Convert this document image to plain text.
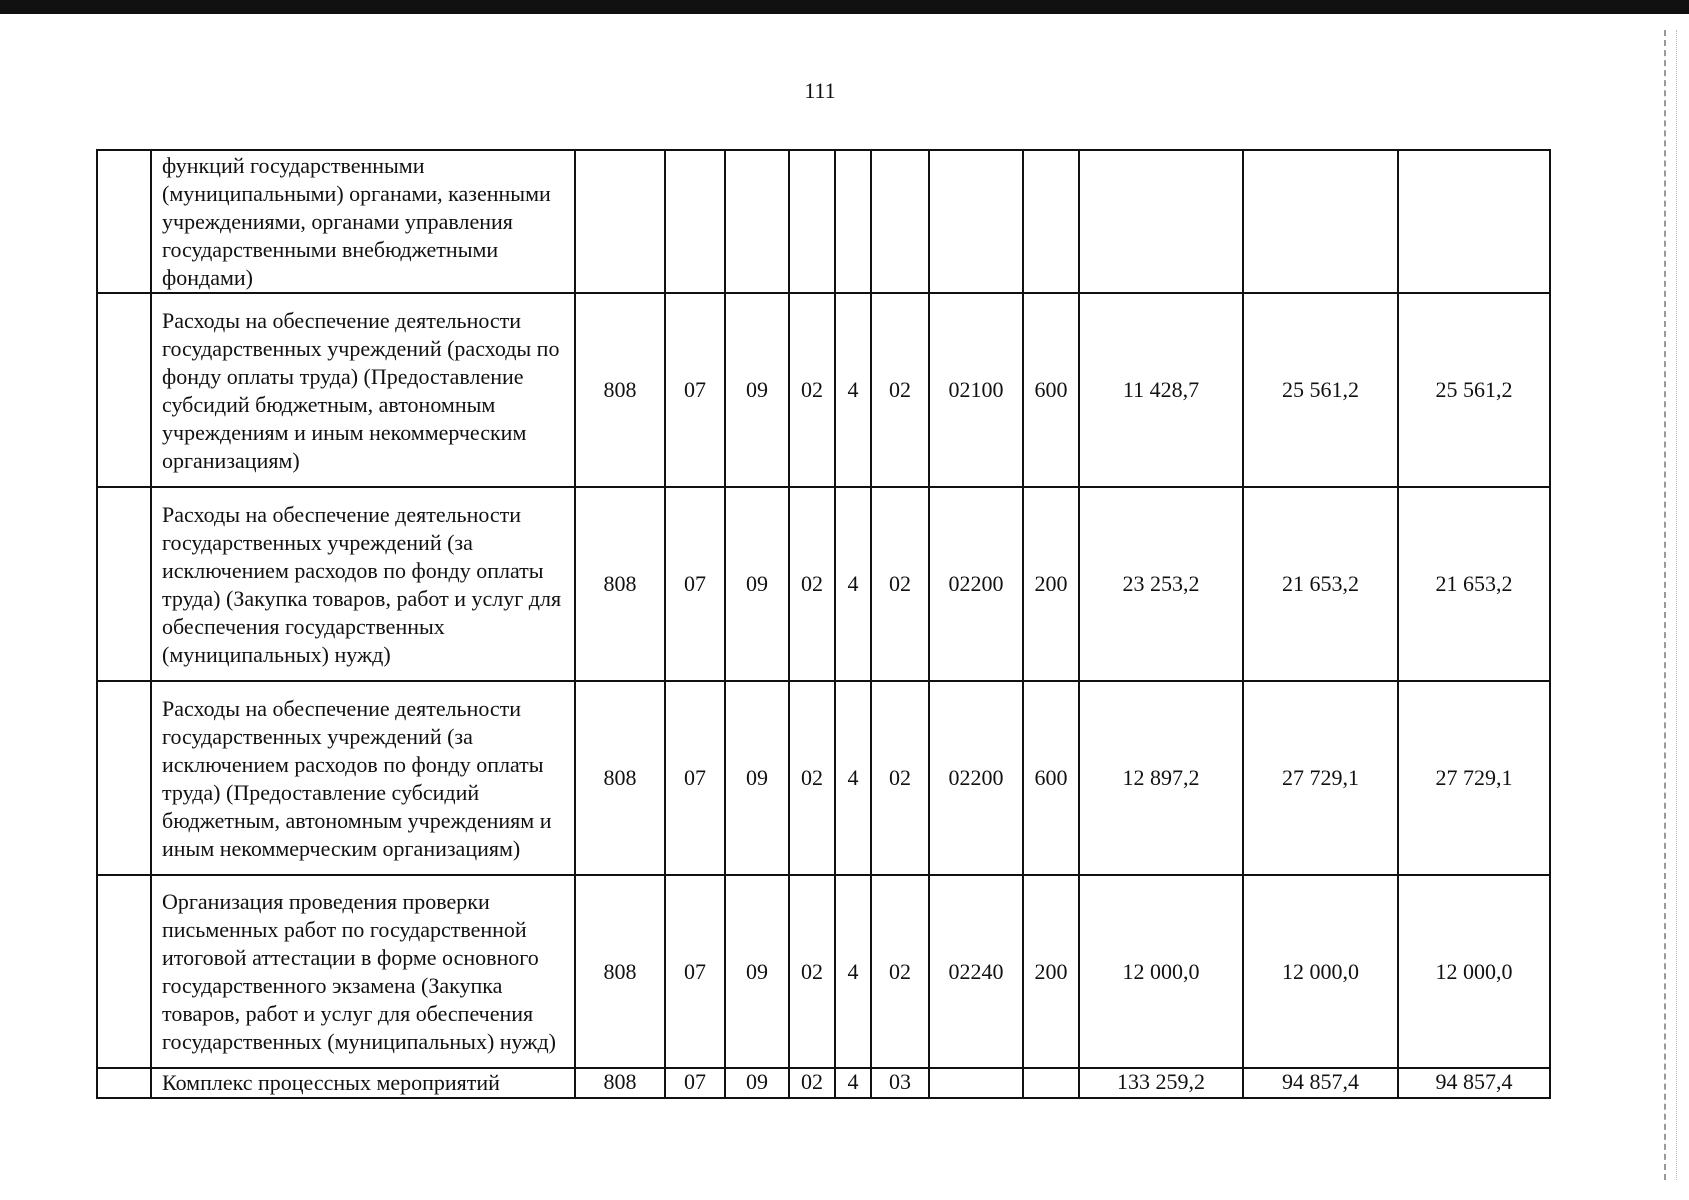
111
	функций государственными (муниципальными) органами, казенными учреждениями, органами управления государственными внебюджетными фондами)											
	Расходы на обеспечение деятельности государственных учреждений (расходы по фонду оплаты труда) (Предоставление субсидий бюджетным, автономным учреждениям и иным некоммерческим организациям)	808	07	09	02	4	02	02100	600	11 428,7	25 561,2	25 561,2
	Расходы на обеспечение деятельности государственных учреждений (за исключением расходов по фонду оплаты труда) (Закупка товаров, работ и услуг для обеспечения государственных (муниципальных) нужд)	808	07	09	02	4	02	02200	200	23 253,2	21 653,2	21 653,2
	Расходы на обеспечение деятельности государственных учреждений (за исключением расходов по фонду оплаты труда) (Предоставление субсидий бюджетным, автономным учреждениям и иным некоммерческим организациям)	808	07	09	02	4	02	02200	600	12 897,2	27 729,1	27 729,1
	Организация проведения проверки письменных работ по государственной итоговой аттестации в форме основного государственного экзамена (Закупка товаров, работ и услуг для обеспечения государственных (муниципальных) нужд)	808	07	09	02	4	02	02240	200	12 000,0	12 000,0	12 000,0
	Комплекс процессных мероприятий	808	07	09	02	4	03			133 259,2	94 857,4	94 857,4
